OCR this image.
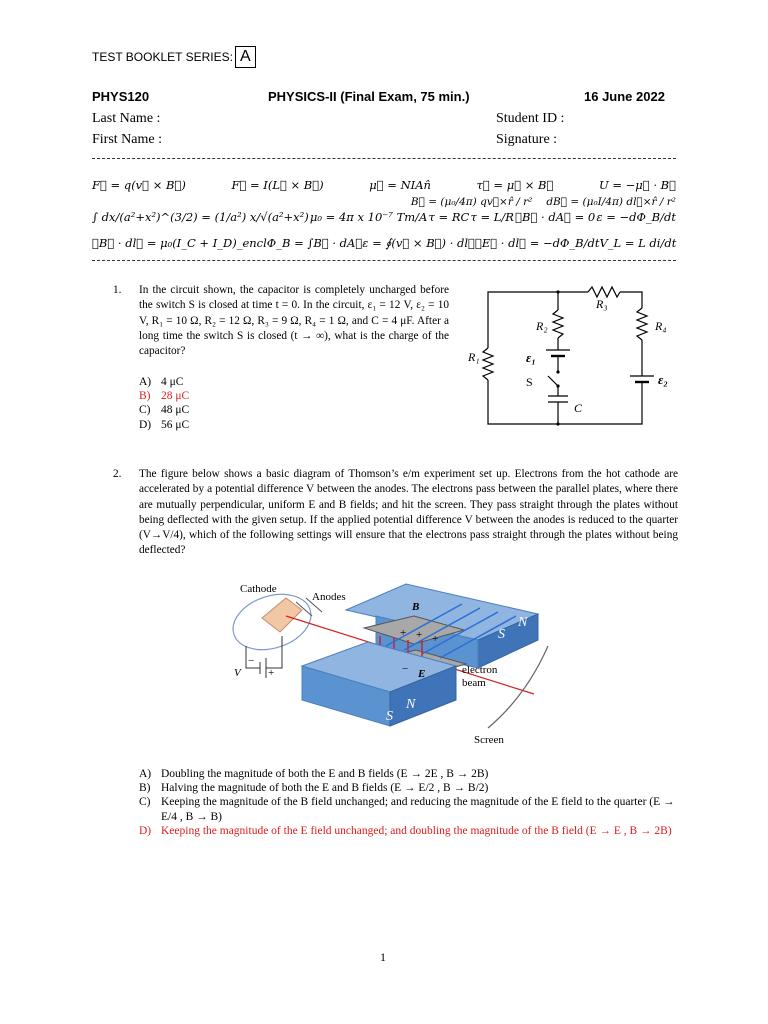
TEST BOOKLET SERIES: A
PHYS120	PHYSICS-II (Final Exam, 75 min.)	16 June 2022
Last Name :	Student ID :
First Name :	Signature :
F⃗ = q(v⃗ × B⃗)	F⃗ = I(L⃗ × B⃗)	μ⃗ = NIAn̂	τ⃗ = μ⃗ × B⃗	U = −μ⃗ · B⃗
B⃗ = (μ₀/4π) qv⃗×r̂ / r² dB⃗ = (μ₀I/4π) dl⃗×r̂ / r²
∫ dx/(a²+x²)^(3/2) = (1/a²) x/√(a²+x²) μ₀ = 4π x 10⁻⁷ Tm/A τ = RC τ = L/R ∮B⃗ · dA⃗ = 0 ε = −dΦ_B/dt
∮B⃗ · dl⃗ = μ₀(I_C + I_D)_encl Φ_B = ∫B⃗ · dA⃗ ε = ∮(v⃗ × B⃗) · dl⃗ ∮E⃗ · dl⃗ = −dΦ_B/dt V_L = L di/dt
1. In the circuit shown, the capacitor is completely uncharged before the switch S is closed at time t = 0. In the circuit, ε₁ = 12 V, ε₂ = 10 V, R₁ = 10 Ω, R₂ = 12 Ω, R₃ = 9 Ω, R₄ = 1 Ω, and C = 4 μF. After a long time the switch S is closed (t → ∞), what is the charge of the capacitor?
A) 4 μC
B) 28 μC
C) 48 μC
D) 56 μC
R₃
R₂	R₄
R₁	ε₁
ε₂
S
C
2. The figure below shows a basic diagram of Thomson’s e/m experiment set up. Electrons from the hot cathode are accelerated by a potential difference V between the anodes. The electrons pass between the parallel plates, where there are mutually perpendicular, uniform E and B fields; and hit the screen. They pass straight through the plates without being deflected with the given setup. If the applied potential difference V between the anodes is reduced to the quarter (V→V/4), which of the following settings will ensure that the electrons pass straight through the plates without being deflected?
Cathode
Anodes
B
E	electron
beam
Screen
V
−
+
+ + +
−
S
N
S
N
A) Doubling the magnitude of both the E and B fields (E → 2E , B → 2B)
B) Halving the magnitude of both the E and B fields (E → E/2 , B → B/2)
C) Keeping the magnitude of the B field unchanged; and reducing the magnitude of the E field to the quarter (E → E/4 , B → B)
D) Keeping the magnitude of the E field unchanged; and doubling the magnitude of the B field (E → E , B → 2B)
1
